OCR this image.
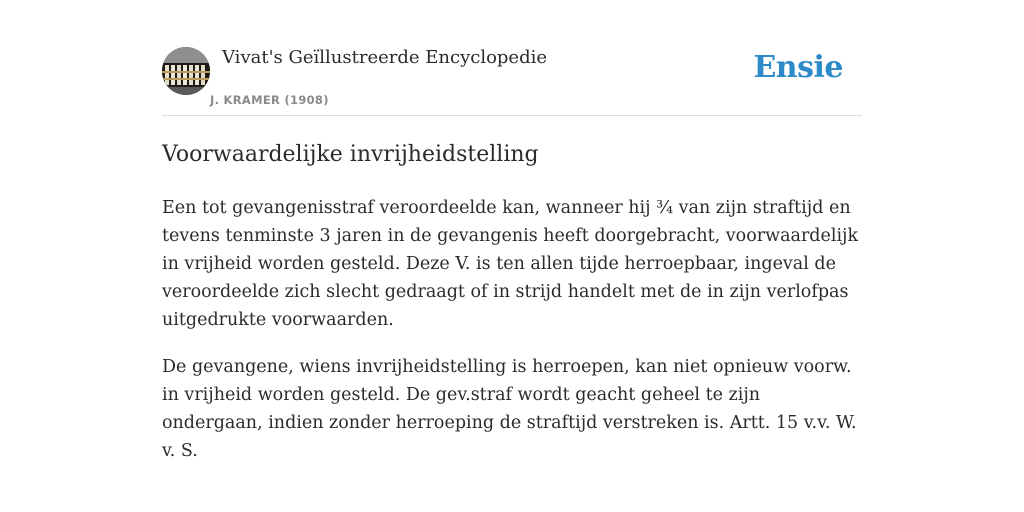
Vivat's Geïllustreerde Encyclopedie
J. KRAMER (1908)
Ensie
Voorwaardelijke invrijheidstelling

Een tot gevangenisstraf veroordeelde kan, wanneer hij ¾ van zijn straftijd en tevens tenminste 3 jaren in de gevangenis heeft doorgebracht, voorwaardelijk in vrijheid worden gesteld. Deze V. is ten allen tijde herroepbaar, ingeval de veroordeelde zich slecht gedraagt of in strijd handelt met de in zijn verlofpas uitgedrukte voorwaarden.

De gevangene, wiens invrijheidstelling is herroepen, kan niet opnieuw voorw. in vrijheid worden gesteld. De gev.straf wordt geacht geheel te zijn ondergaan, indien zonder herroeping de straftijd verstreken is. Artt. 15 v.v. W. v. S.
